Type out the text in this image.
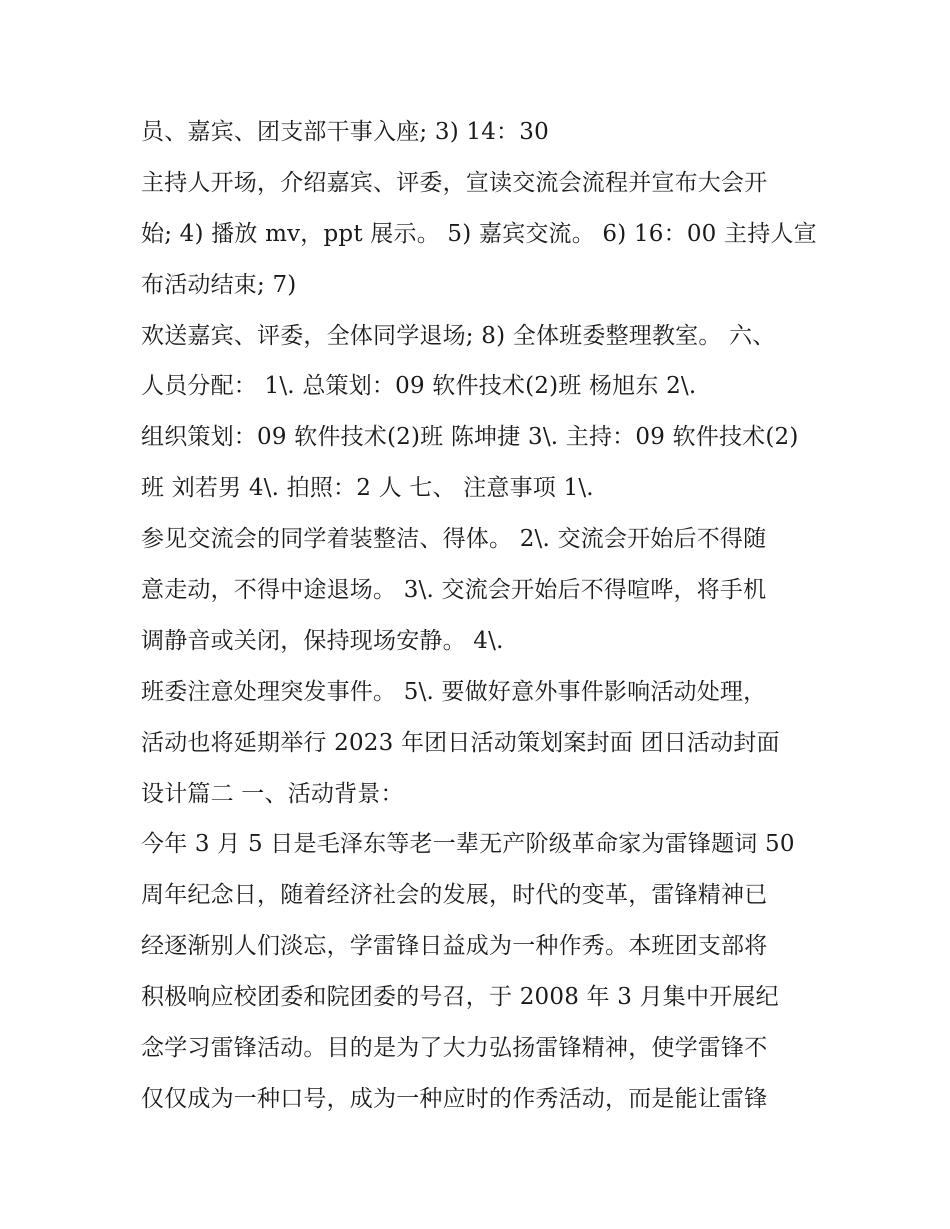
员、嘉宾、团支部干事入座; 3) 14：30
主持人开场，介绍嘉宾、评委，宣读交流会流程并宣布大会开
始; 4) 播放 mv，ppt 展示。 5) 嘉宾交流。 6) 16：00 主持人宣
布活动结束; 7)
欢送嘉宾、评委，全体同学退场; 8) 全体班委整理教室。 六、
人员分配： 1\. 总策划：09 软件技术(2)班 杨旭东 2\.
组织策划：09 软件技术(2)班 陈坤捷 3\. 主持：09 软件技术(2)
班 刘若男 4\. 拍照：2 人 七、 注意事项 1\.
参见交流会的同学着装整洁、得体。 2\. 交流会开始后不得随
意走动，不得中途退场。 3\. 交流会开始后不得喧哗，将手机
调静音或关闭，保持现场安静。 4\.
班委注意处理突发事件。 5\. 要做好意外事件影响活动处理，
活动也将延期举行 2023 年团日活动策划案封面 团日活动封面
设计篇二 一、活动背景：
今年 3 月 5 日是毛泽东等老一辈无产阶级革命家为雷锋题词 50
周年纪念日，随着经济社会的发展，时代的变革，雷锋精神已
经逐渐别人们淡忘，学雷锋日益成为一种作秀。本班团支部将
积极响应校团委和院团委的号召，于 2008 年 3 月集中开展纪
念学习雷锋活动。目的是为了大力弘扬雷锋精神，使学雷锋不
仅仅成为一种口号，成为一种应时的作秀活动，而是能让雷锋
